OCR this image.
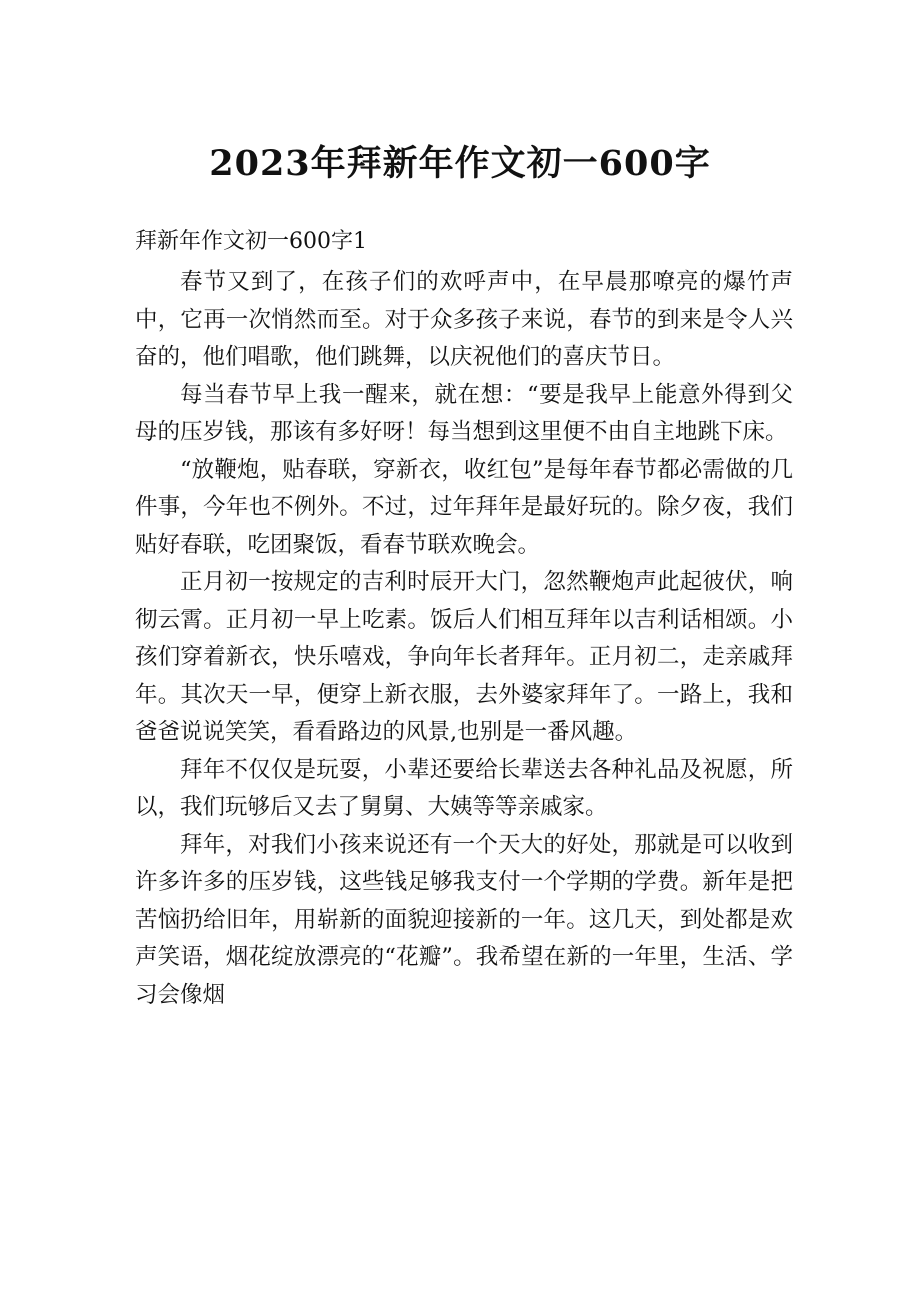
2023年拜新年作文初一600字

拜新年作文初一600字1

春节又到了，在孩子们的欢呼声中，在早晨那嘹亮的爆竹声中，它再一次悄然而至。对于众多孩子来说，春节的到来是令人兴奋的，他们唱歌，他们跳舞，以庆祝他们的喜庆节日。

每当春节早上我一醒来，就在想：“要是我早上能意外得到父母的压岁钱，那该有多好呀！每当想到这里便不由自主地跳下床。

“放鞭炮，贴春联，穿新衣，收红包”是每年春节都必需做的几件事，今年也不例外。不过，过年拜年是最好玩的。除夕夜，我们贴好春联，吃团聚饭，看春节联欢晚会。

正月初一按规定的吉利时辰开大门，忽然鞭炮声此起彼伏，响彻云霄。正月初一早上吃素。饭后人们相互拜年以吉利话相颂。小孩们穿着新衣，快乐嘻戏，争向年长者拜年。正月初二，走亲戚拜年。其次天一早，便穿上新衣服，去外婆家拜年了。一路上，我和爸爸说说笑笑，看看路边的风景,也别是一番风趣。

拜年不仅仅是玩耍，小辈还要给长辈送去各种礼品及祝愿，所以，我们玩够后又去了舅舅、大姨等等亲戚家。

拜年，对我们小孩来说还有一个天大的好处，那就是可以收到许多许多的压岁钱，这些钱足够我支付一个学期的学费。新年是把苦恼扔给旧年，用崭新的面貌迎接新的一年。这几天，到处都是欢声笑语，烟花绽放漂亮的“花瓣”。我希望在新的一年里，生活、学习会像烟
